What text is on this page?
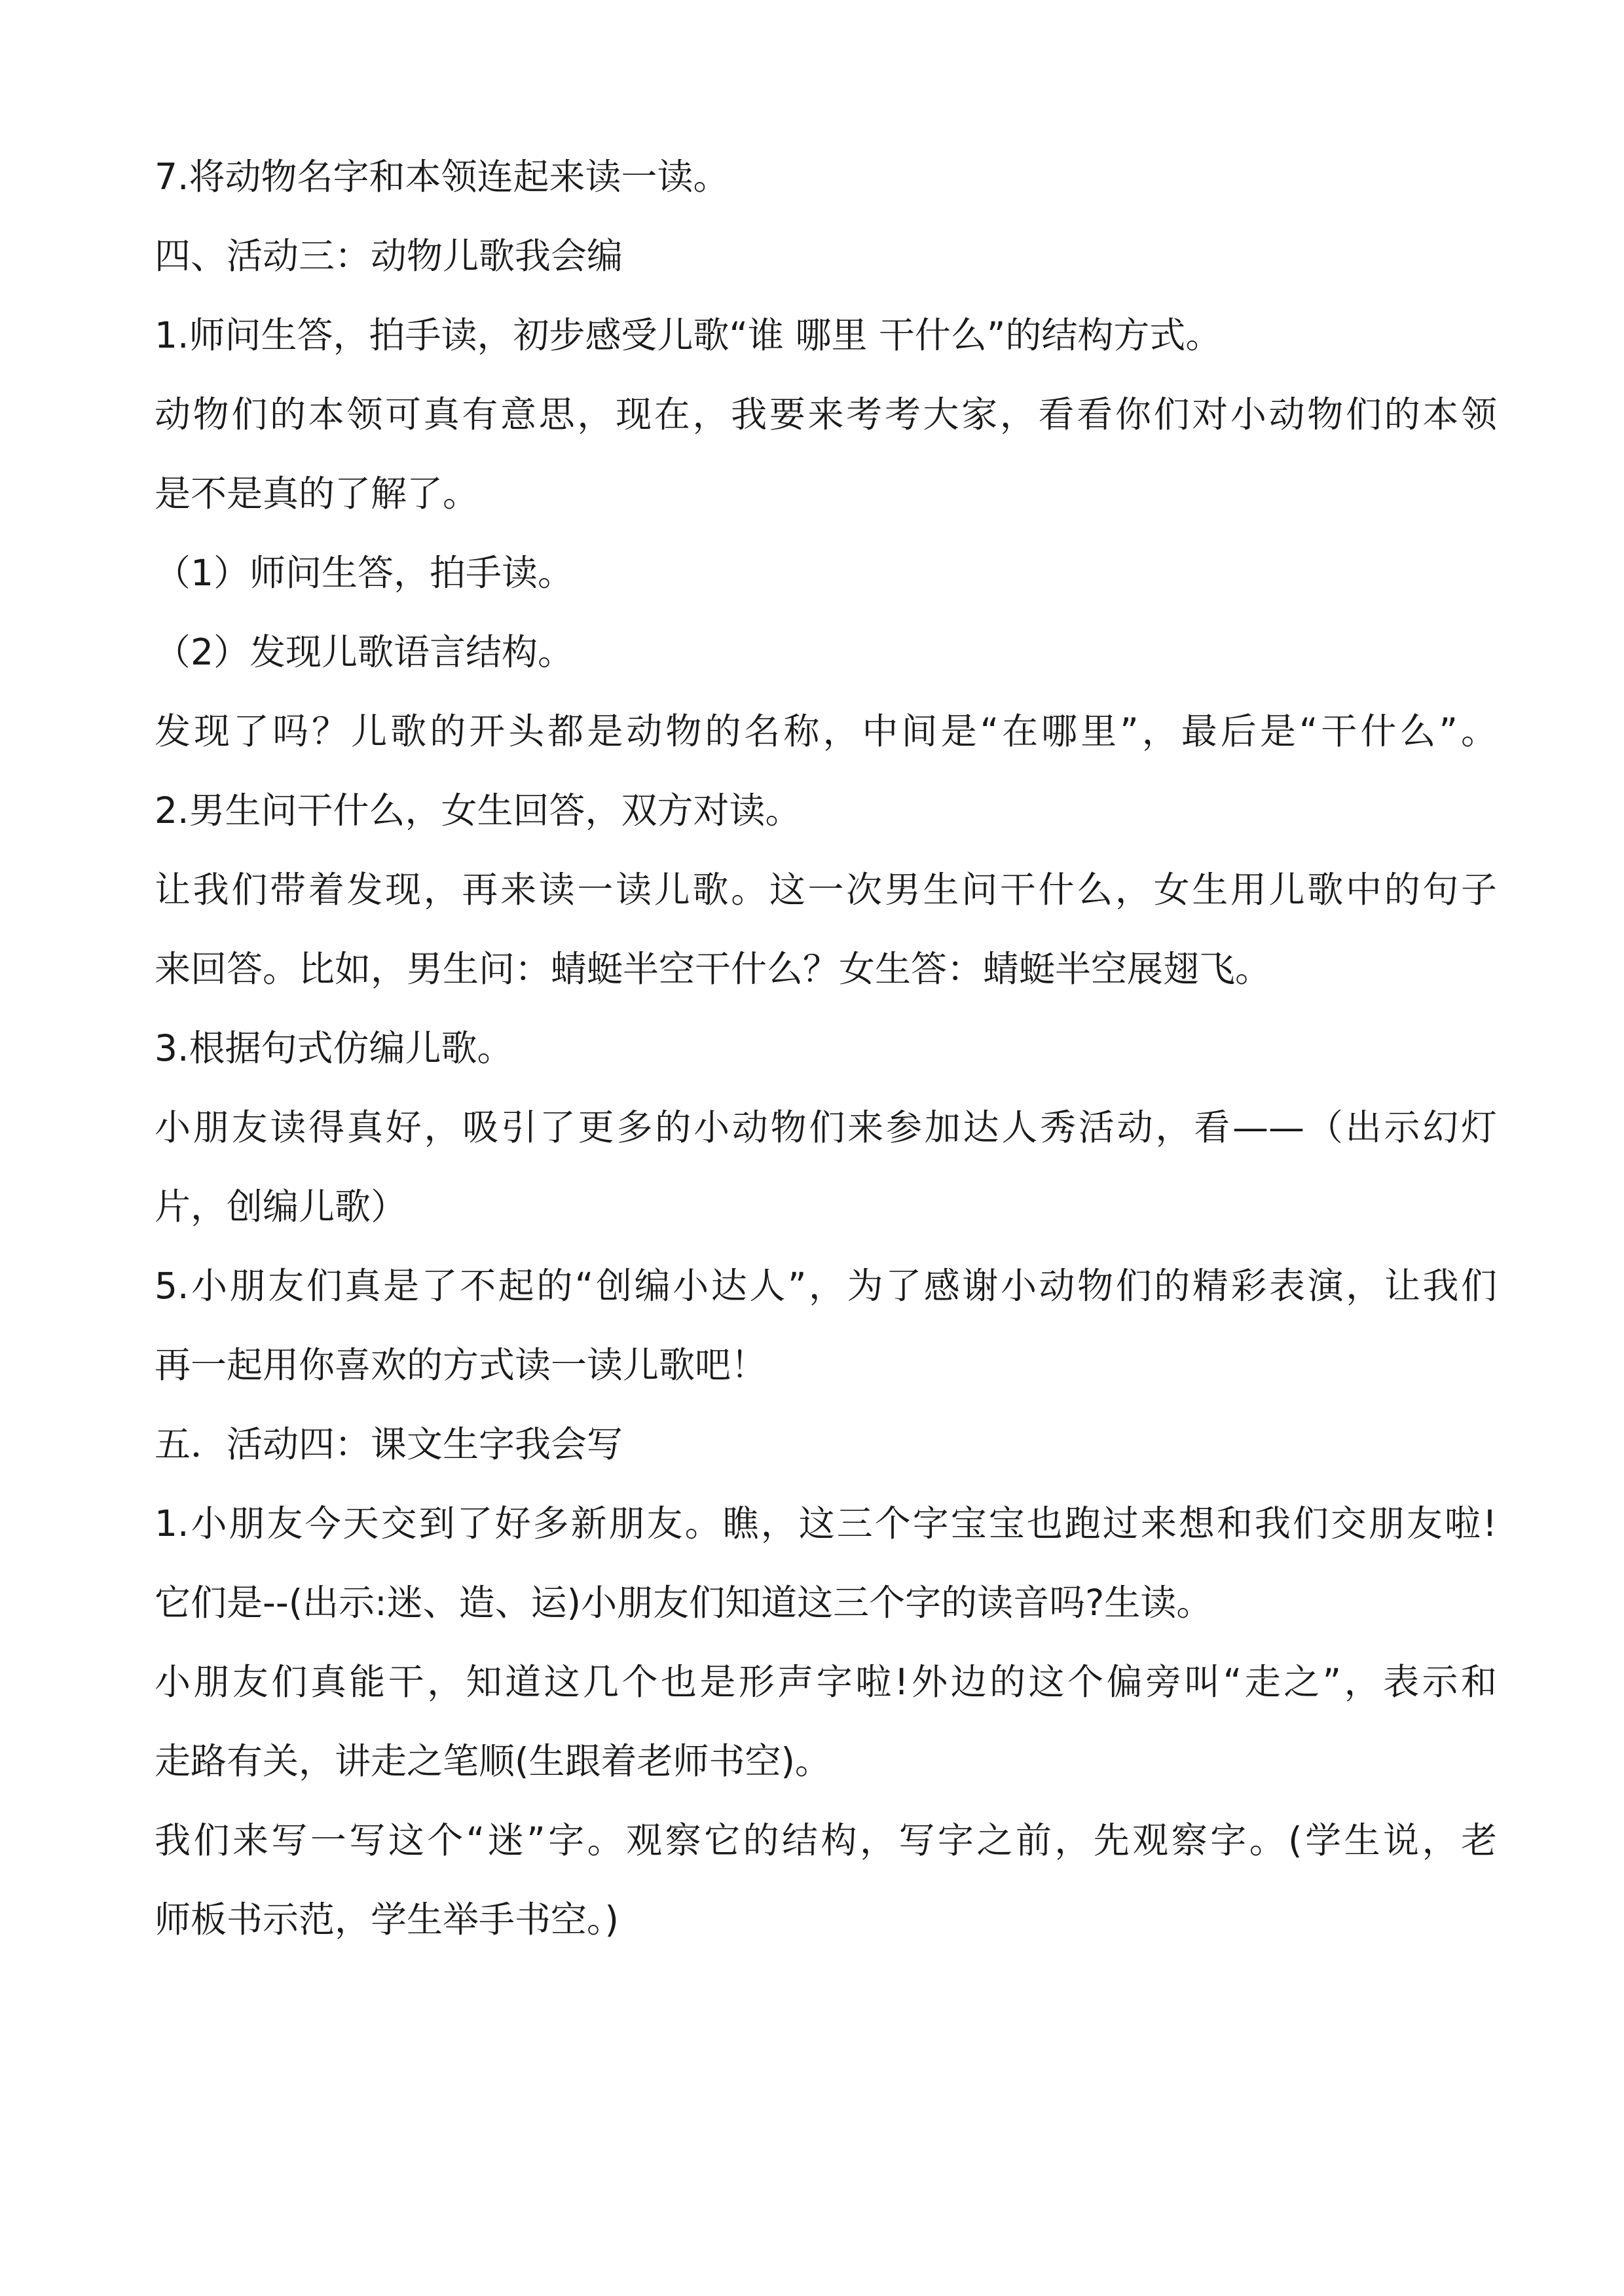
7.将动物名字和本领连起来读一读。

四、活动三：动物儿歌我会编

1.师问生答，拍手读，初步感受儿歌“谁 哪里 干什么”的结构方式。

动物们的本领可真有意思，现在，我要来考考大家，看看你们对小动物们的本领

是不是真的了解了。

（1）师问生答，拍手读。

（2）发现儿歌语言结构。

发现了吗？儿歌的开头都是动物的名称，中间是“在哪里”，最后是“干什么”。

2.男生问干什么，女生回答，双方对读。

让我们带着发现，再来读一读儿歌。这一次男生问干什么，女生用儿歌中的句子

来回答。比如，男生问：蜻蜓半空干什么？女生答：蜻蜓半空展翅飞。

3.根据句式仿编儿歌。

小朋友读得真好，吸引了更多的小动物们来参加达人秀活动，看——（出示幻灯

片，创编儿歌）

5.小朋友们真是了不起的“创编小达人”，为了感谢小动物们的精彩表演，让我们

再一起用你喜欢的方式读一读儿歌吧！

五．活动四：课文生字我会写

1.小朋友今天交到了好多新朋友。瞧，这三个字宝宝也跑过来想和我们交朋友啦!

它们是--(出示:迷、造、运)小朋友们知道这三个字的读音吗?生读。

小朋友们真能干，知道这几个也是形声字啦!外边的这个偏旁叫“走之”，表示和

走路有关，讲走之笔顺(生跟着老师书空)。

我们来写一写这个“迷”字。观察它的结构，写字之前，先观察字。(学生说，老

师板书示范，学生举手书空。)
